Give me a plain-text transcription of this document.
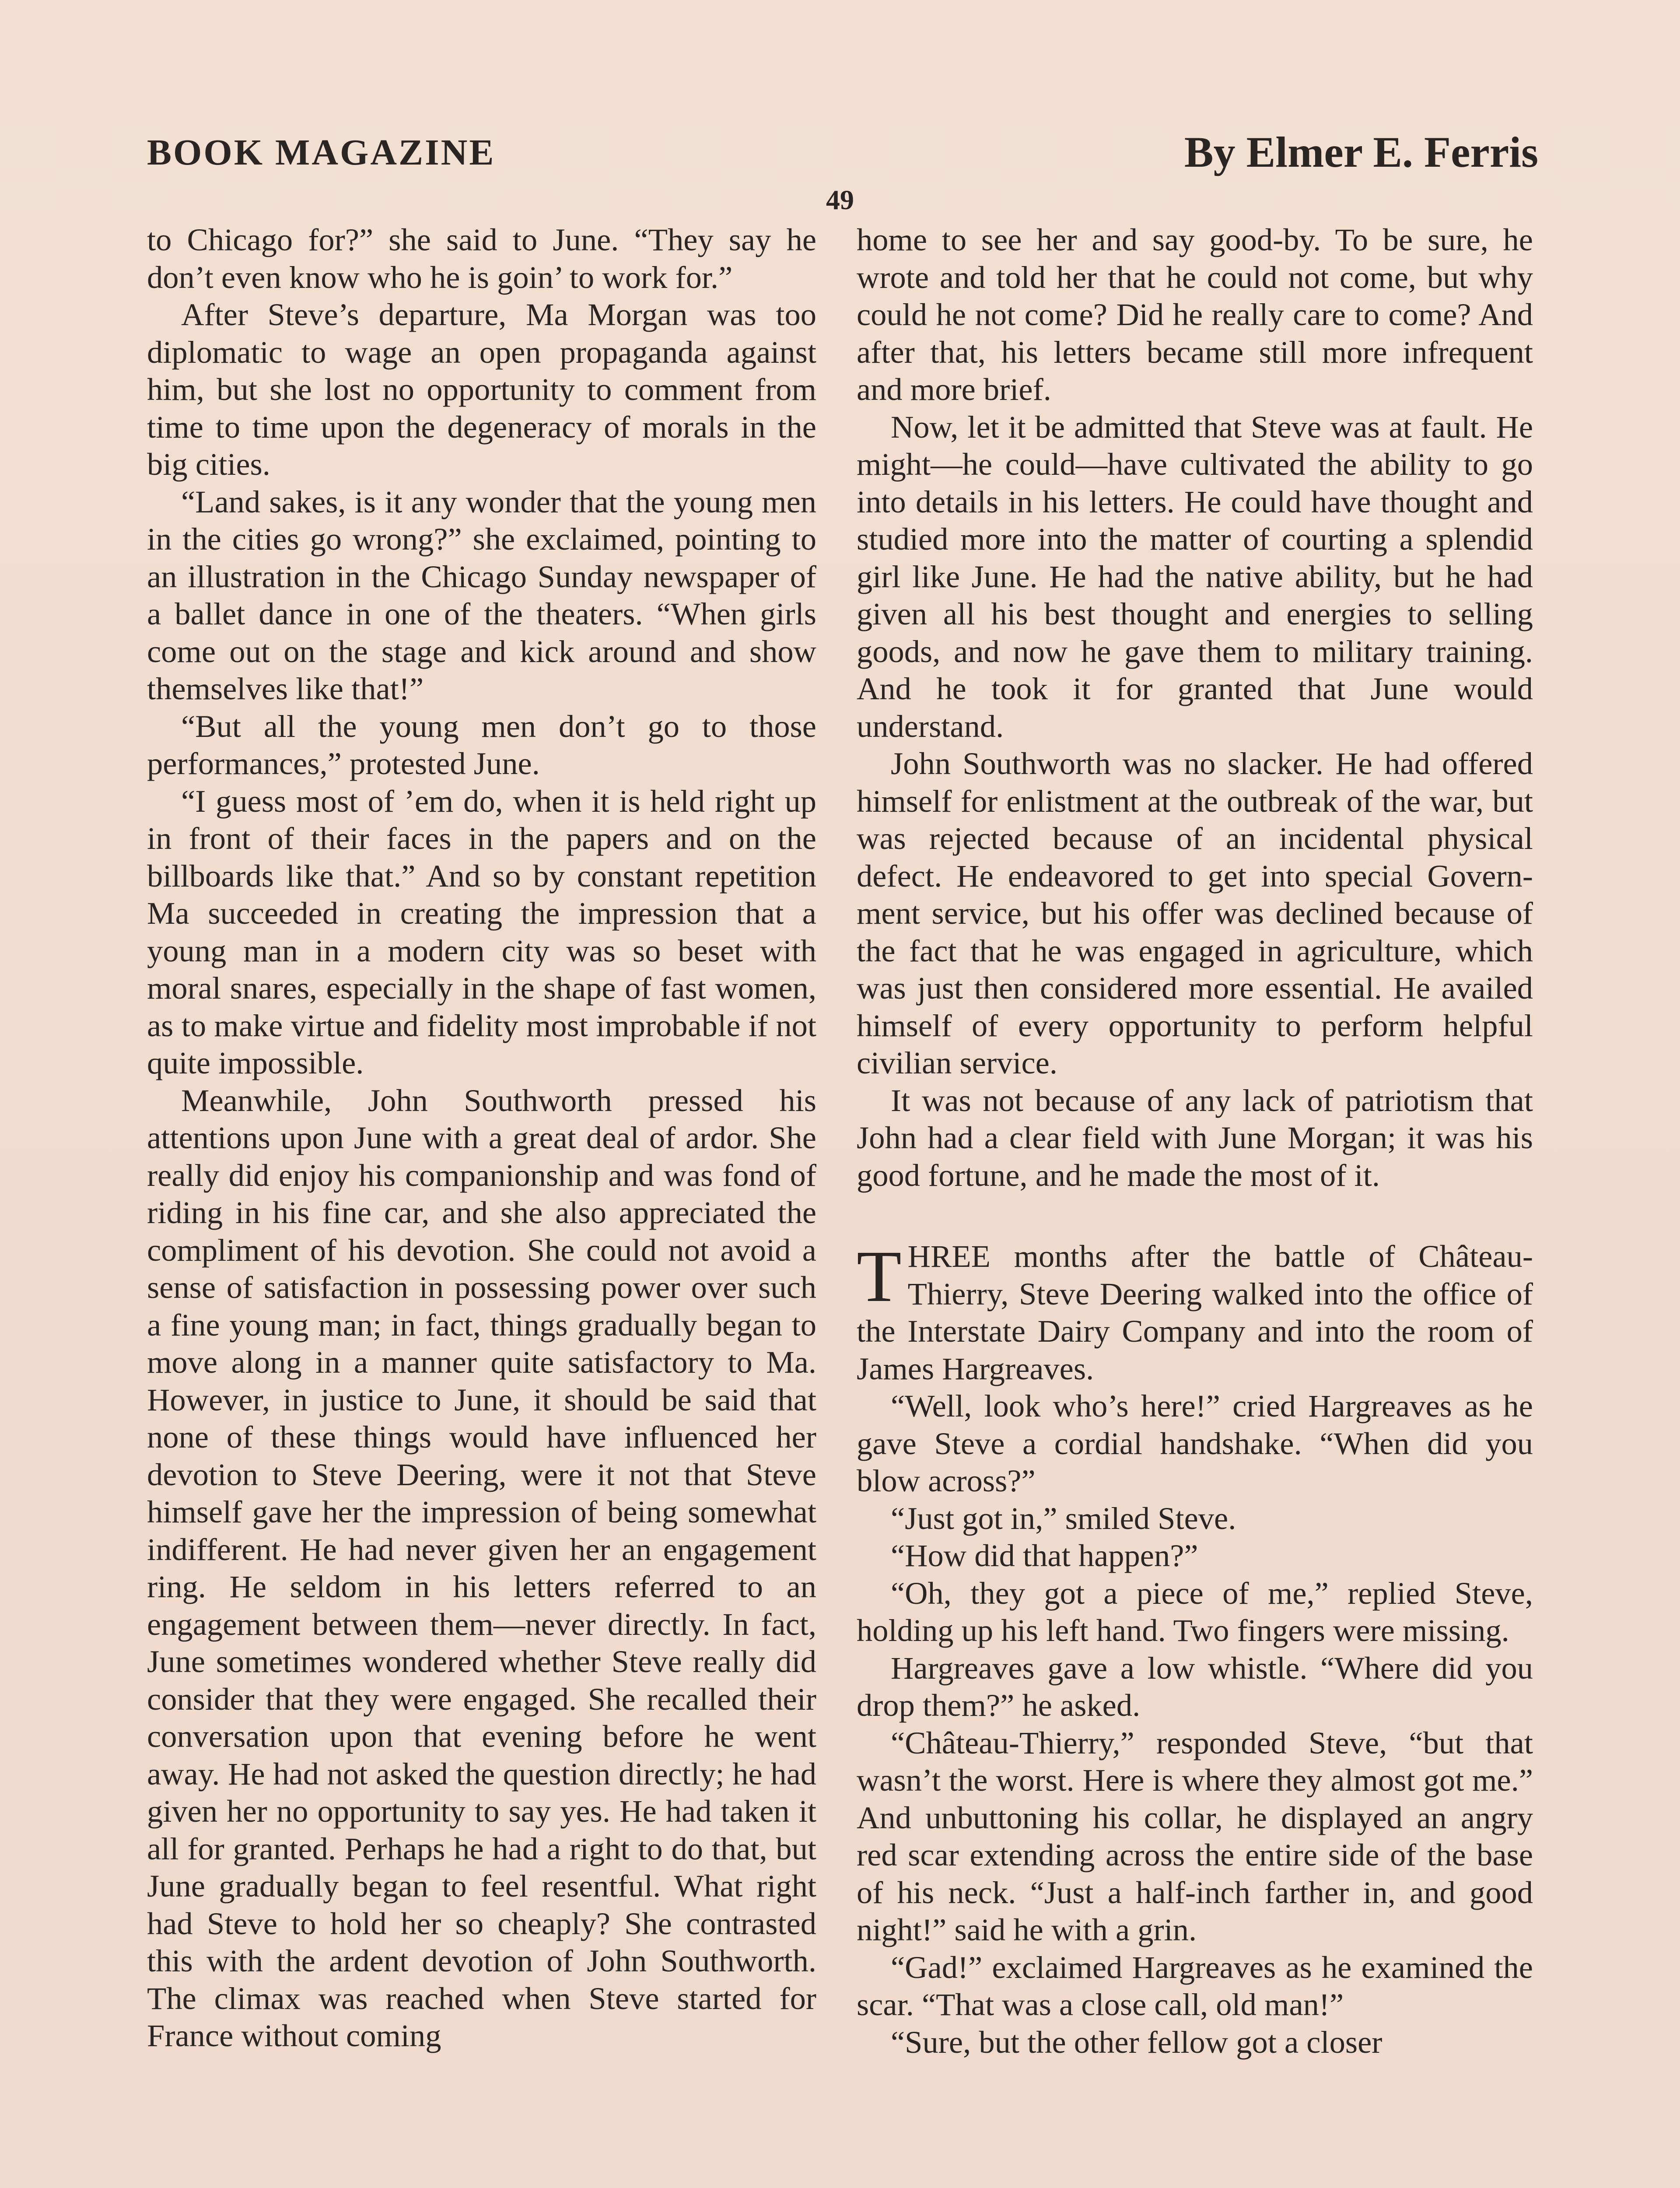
BOOK MAGAZINE	By Elmer E. Ferris
49

to Chicago for?” she said to June. “They say he don’t even know who he is goin’ to work for.”

After Steve’s departure, Ma Morgan was too diplomatic to wage an open propaganda against him, but she lost no opportunity to comment from time to time upon the degeneracy of morals in the big cities.

“Land sakes, is it any wonder that the young men in the cities go wrong?” she exclaimed, pointing to an illustration in the Chicago Sunday newspaper of a ballet dance in one of the theaters. “When girls come out on the stage and kick around and show themselves like that!”

“But all the young men don’t go to those performances,” protested June.

“I guess most of ’em do, when it is held right up in front of their faces in the papers and on the billboards like that.” And so by constant repetition Ma succeeded in creating the impression that a young man in a modern city was so beset with moral snares, especially in the shape of fast women, as to make virtue and fidelity most improbable if not quite impossible.

Meanwhile, John Southworth pressed his attentions upon June with a great deal of ardor. She really did enjoy his companionship and was fond of riding in his fine car, and she also appreciated the compliment of his devotion. She could not avoid a sense of satisfaction in possessing power over such a fine young man; in fact, things gradually began to move along in a manner quite satisfactory to Ma. However, in justice to June, it should be said that none of these things would have influenced her devotion to Steve Deering, were it not that Steve himself gave her the impression of being somewhat indifferent. He had never given her an engagement ring. He seldom in his letters referred to an engagement between them—never directly. In fact, June sometimes wondered whether Steve really did consider that they were engaged. She recalled their conversation upon that evening before he went away. He had not asked the question directly; he had given her no opportunity to say yes. He had taken it all for granted. Perhaps he had a right to do that, but June gradually began to feel resentful. What right had Steve to hold her so cheaply? She contrasted this with the ardent devotion of John Southworth. The climax was reached when Steve started for France without coming

home to see her and say good-by. To be sure, he wrote and told her that he could not come, but why could he not come? Did he really care to come? And after that, his letters became still more infrequent and more brief.

Now, let it be admitted that Steve was at fault. He might—he could—have cultivated the ability to go into details in his letters. He could have thought and studied more into the matter of courting a splendid girl like June. He had the native ability, but he had given all his best thought and energies to selling goods, and now he gave them to military training. And he took it for granted that June would understand.

John Southworth was no slacker. He had offered himself for enlistment at the outbreak of the war, but was rejected because of an incidental physical defect. He endeavored to get into special Government service, but his offer was declined because of the fact that he was engaged in agriculture, which was just then considered more essential. He availed himself of every opportunity to perform helpful civilian service.

It was not because of any lack of patriotism that John had a clear field with June Morgan; it was his good fortune, and he made the most of it.

THREE months after the battle of Château-Thierry, Steve Deering walked into the office of the Interstate Dairy Company and into the room of James Hargreaves.

“Well, look who’s here!” cried Hargreaves as he gave Steve a cordial handshake. “When did you blow across?”

“Just got in,” smiled Steve.

“How did that happen?”

“Oh, they got a piece of me,” replied Steve, holding up his left hand. Two fingers were missing.

Hargreaves gave a low whistle. “Where did you drop them?” he asked.

“Château-Thierry,” responded Steve, “but that wasn’t the worst. Here is where they almost got me.” And unbuttoning his collar, he displayed an angry red scar extending across the entire side of the base of his neck. “Just a half-inch farther in, and good night!” said he with a grin.

“Gad!” exclaimed Hargreaves as he examined the scar. “That was a close call, old man!”

“Sure, but the other fellow got a closer
